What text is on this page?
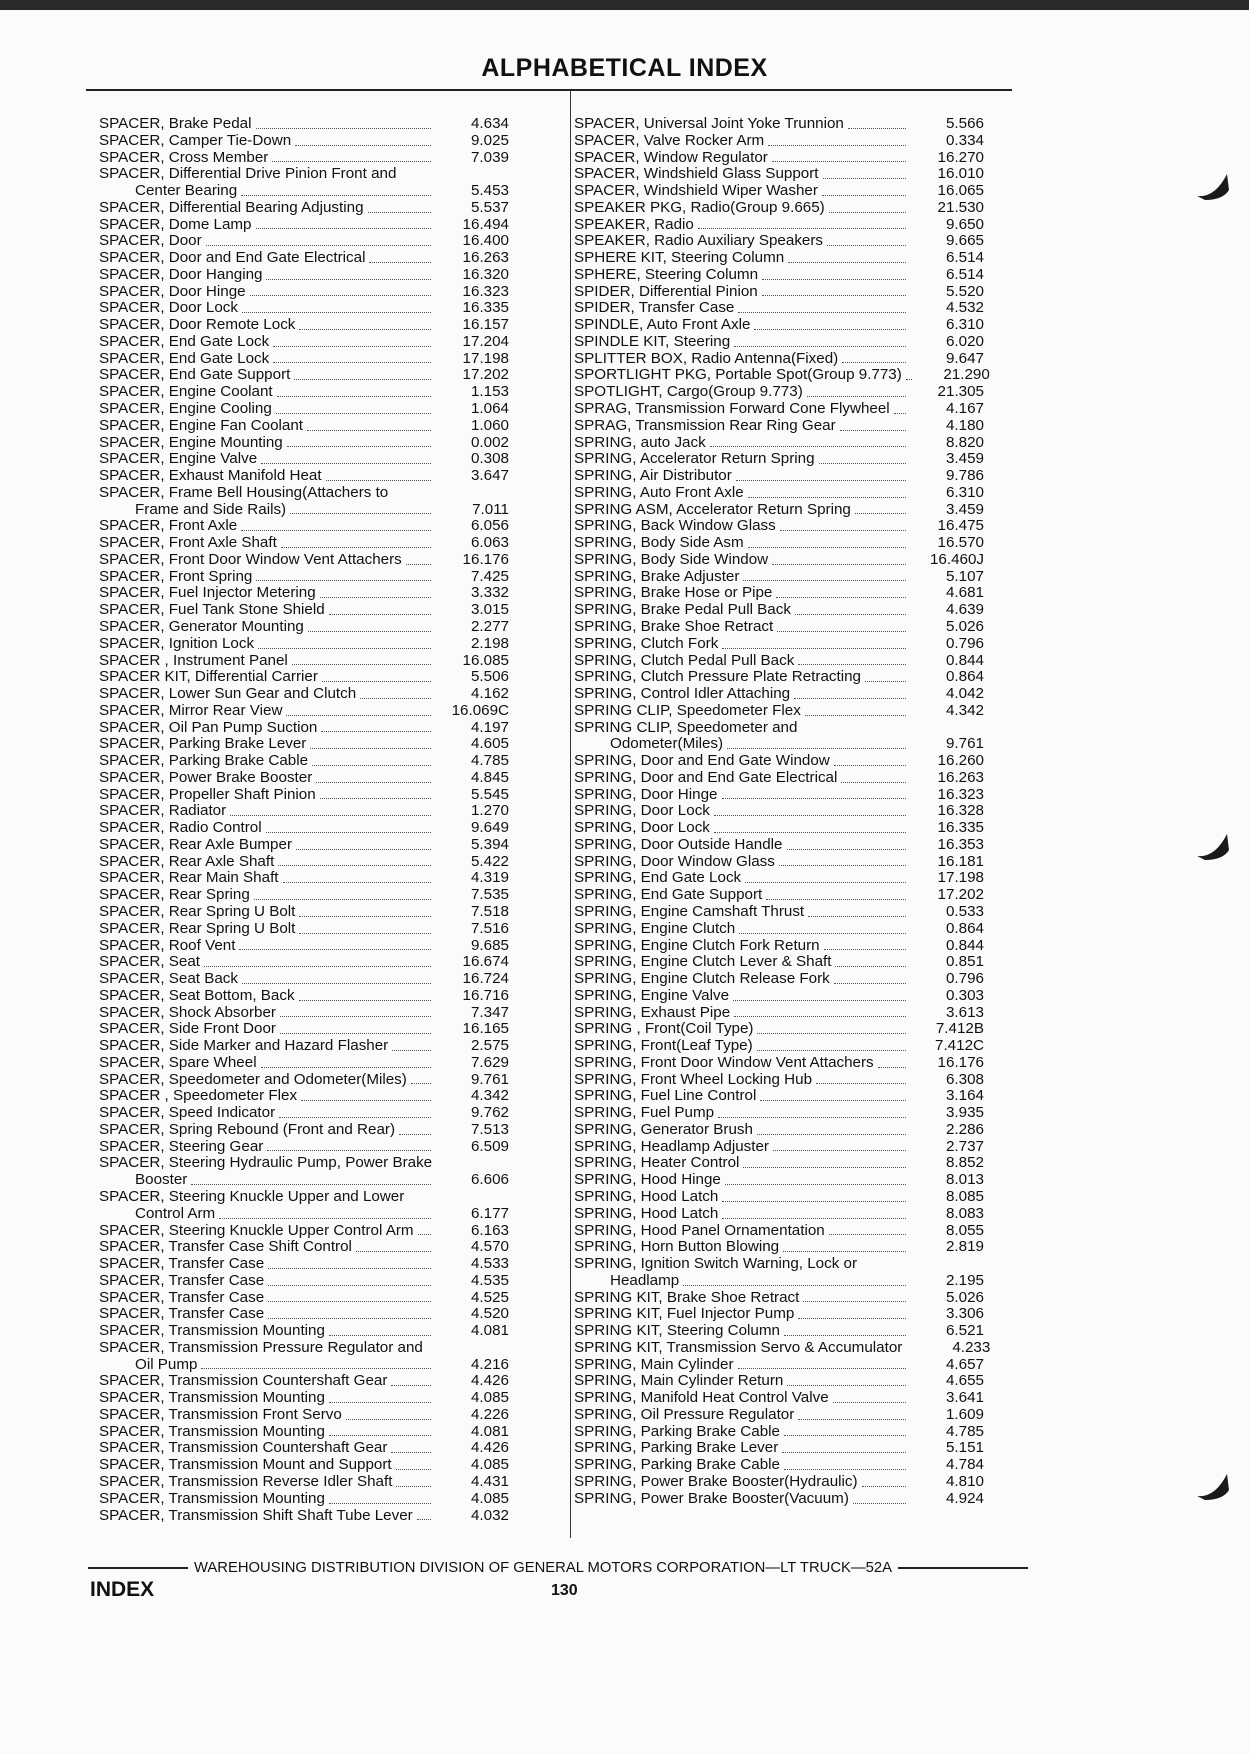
ALPHABETICAL INDEX
SPACER, Brake Pedal	4.634
SPACER, Camper Tie-Down	9.025
SPACER, Cross Member	7.039
SPACER, Differential Drive Pinion Front and
Center Bearing	5.453
SPACER, Differential Bearing Adjusting	5.537
SPACER, Dome Lamp	16.494
SPACER, Door	16.400
SPACER, Door and End Gate Electrical	16.263
SPACER, Door Hanging	16.320
SPACER, Door Hinge	16.323
SPACER, Door Lock	16.335
SPACER, Door Remote Lock	16.157
SPACER, End Gate Lock	17.204
SPACER, End Gate Lock	17.198
SPACER, End Gate Support	17.202
SPACER, Engine Coolant	1.153
SPACER, Engine Cooling	1.064
SPACER, Engine Fan Coolant	1.060
SPACER, Engine Mounting	0.002
SPACER, Engine Valve	0.308
SPACER, Exhaust Manifold Heat	3.647
SPACER, Frame Bell Housing(Attachers to
Frame and Side Rails)	7.011
SPACER, Front Axle	6.056
SPACER, Front Axle Shaft	6.063
SPACER, Front Door Window Vent Attachers	16.176
SPACER, Front Spring	7.425
SPACER, Fuel Injector Metering	3.332
SPACER, Fuel Tank Stone Shield	3.015
SPACER, Generator Mounting	2.277
SPACER, Ignition Lock	2.198
SPACER , Instrument Panel	16.085
SPACER KIT, Differential Carrier	5.506
SPACER, Lower Sun Gear and Clutch	4.162
SPACER, Mirror Rear View	16.069C
SPACER, Oil Pan Pump Suction	4.197
SPACER, Parking Brake Lever	4.605
SPACER, Parking Brake Cable	4.785
SPACER, Power Brake Booster	4.845
SPACER, Propeller Shaft Pinion	5.545
SPACER, Radiator	1.270
SPACER, Radio Control	9.649
SPACER, Rear Axle Bumper	5.394
SPACER, Rear Axle Shaft	5.422
SPACER, Rear Main Shaft	4.319
SPACER, Rear Spring	7.535
SPACER, Rear Spring U Bolt	7.518
SPACER, Rear Spring U Bolt	7.516
SPACER, Roof Vent	9.685
SPACER, Seat	16.674
SPACER, Seat Back	16.724
SPACER, Seat Bottom, Back	16.716
SPACER, Shock Absorber	7.347
SPACER, Side Front Door	16.165
SPACER, Side Marker and Hazard Flasher	2.575
SPACER, Spare Wheel	7.629
SPACER, Speedometer and Odometer(Miles)	9.761
SPACER , Speedometer Flex	4.342
SPACER, Speed Indicator	9.762
SPACER, Spring Rebound (Front and Rear)	7.513
SPACER, Steering Gear	6.509
SPACER, Steering Hydraulic Pump, Power Brake
Booster	6.606
SPACER, Steering Knuckle Upper and Lower
Control Arm	6.177
SPACER, Steering Knuckle Upper Control Arm	6.163
SPACER, Transfer Case Shift Control	4.570
SPACER, Transfer Case	4.533
SPACER, Transfer Case	4.535
SPACER, Transfer Case	4.525
SPACER, Transfer Case	4.520
SPACER, Transmission Mounting	4.081
SPACER, Transmission Pressure Regulator and
Oil Pump	4.216
SPACER, Transmission Countershaft Gear	4.426
SPACER, Transmission Mounting	4.085
SPACER, Transmission Front Servo	4.226
SPACER, Transmission Mounting	4.081
SPACER, Transmission Countershaft Gear	4.426
SPACER, Transmission Mount and Support	4.085
SPACER, Transmission Reverse Idler Shaft	4.431
SPACER, Transmission Mounting	4.085
SPACER, Transmission Shift Shaft Tube Lever	4.032
SPACER, Universal Joint Yoke Trunnion	5.566
SPACER, Valve Rocker Arm	0.334
SPACER, Window Regulator	16.270
SPACER, Windshield Glass Support	16.010
SPACER, Windshield Wiper Washer	16.065
SPEAKER PKG, Radio(Group 9.665)	21.530
SPEAKER, Radio	9.650
SPEAKER, Radio Auxiliary Speakers	9.665
SPHERE KIT, Steering Column	6.514
SPHERE, Steering Column	6.514
SPIDER, Differential Pinion	5.520
SPIDER, Transfer Case	4.532
SPINDLE, Auto Front Axle	6.310
SPINDLE KIT, Steering	6.020
SPLITTER BOX, Radio Antenna(Fixed)	9.647
SPORTLIGHT PKG, Portable Spot(Group 9.773)	21.290
SPOTLIGHT, Cargo(Group 9.773)	21.305
SPRAG, Transmission Forward Cone Flywheel	4.167
SPRAG, Transmission Rear Ring Gear	4.180
SPRING, auto Jack	8.820
SPRING, Accelerator Return Spring	3.459
SPRING, Air Distributor	9.786
SPRING, Auto Front Axle	6.310
SPRING ASM, Accelerator Return Spring	3.459
SPRING, Back Window Glass	16.475
SPRING, Body Side Asm	16.570
SPRING, Body Side Window	16.460J
SPRING, Brake Adjuster	5.107
SPRING, Brake Hose or Pipe	4.681
SPRING, Brake Pedal Pull Back	4.639
SPRING, Brake Shoe Retract	5.026
SPRING, Clutch Fork	0.796
SPRING, Clutch Pedal Pull Back	0.844
SPRING, Clutch Pressure Plate Retracting	0.864
SPRING, Control Idler Attaching	4.042
SPRING CLIP, Speedometer Flex	4.342
SPRING CLIP, Speedometer and
Odometer(Miles)	9.761
SPRING, Door and End Gate Window	16.260
SPRING, Door and End Gate Electrical	16.263
SPRING, Door Hinge	16.323
SPRING, Door Lock	16.328
SPRING, Door Lock	16.335
SPRING, Door Outside Handle	16.353
SPRING, Door Window Glass	16.181
SPRING, End Gate Lock	17.198
SPRING, End Gate Support	17.202
SPRING, Engine Camshaft Thrust	0.533
SPRING, Engine Clutch	0.864
SPRING, Engine Clutch Fork Return	0.844
SPRING, Engine Clutch Lever & Shaft	0.851
SPRING, Engine Clutch Release Fork	0.796
SPRING, Engine Valve	0.303
SPRING, Exhaust Pipe	3.613
SPRING , Front(Coil Type)	7.412B
SPRING, Front(Leaf Type)	7.412C
SPRING, Front Door Window Vent Attachers	16.176
SPRING, Front Wheel Locking Hub	6.308
SPRING, Fuel Line Control	3.164
SPRING, Fuel Pump	3.935
SPRING, Generator Brush	2.286
SPRING, Headlamp Adjuster	2.737
SPRING, Heater Control	8.852
SPRING, Hood Hinge	8.013
SPRING, Hood Latch	8.085
SPRING, Hood Latch	8.083
SPRING, Hood Panel Ornamentation	8.055
SPRING, Horn Button Blowing	2.819
SPRING, Ignition Switch Warning, Lock or
Headlamp	2.195
SPRING KIT, Brake Shoe Retract	5.026
SPRING KIT, Fuel Injector Pump	3.306
SPRING KIT, Steering Column	6.521
SPRING KIT, Transmission Servo & Accumulator	4.233
SPRING, Main Cylinder	4.657
SPRING, Main Cylinder Return	4.655
SPRING, Manifold Heat Control Valve	3.641
SPRING, Oil Pressure Regulator	1.609
SPRING, Parking Brake Cable	4.785
SPRING, Parking Brake Lever	5.151
SPRING, Parking Brake Cable	4.784
SPRING, Power Brake Booster(Hydraulic)	4.810
SPRING, Power Brake Booster(Vacuum)	4.924
WAREHOUSING DISTRIBUTION DIVISION OF GENERAL MOTORS CORPORATION—LT TRUCK—52A
INDEX	130
